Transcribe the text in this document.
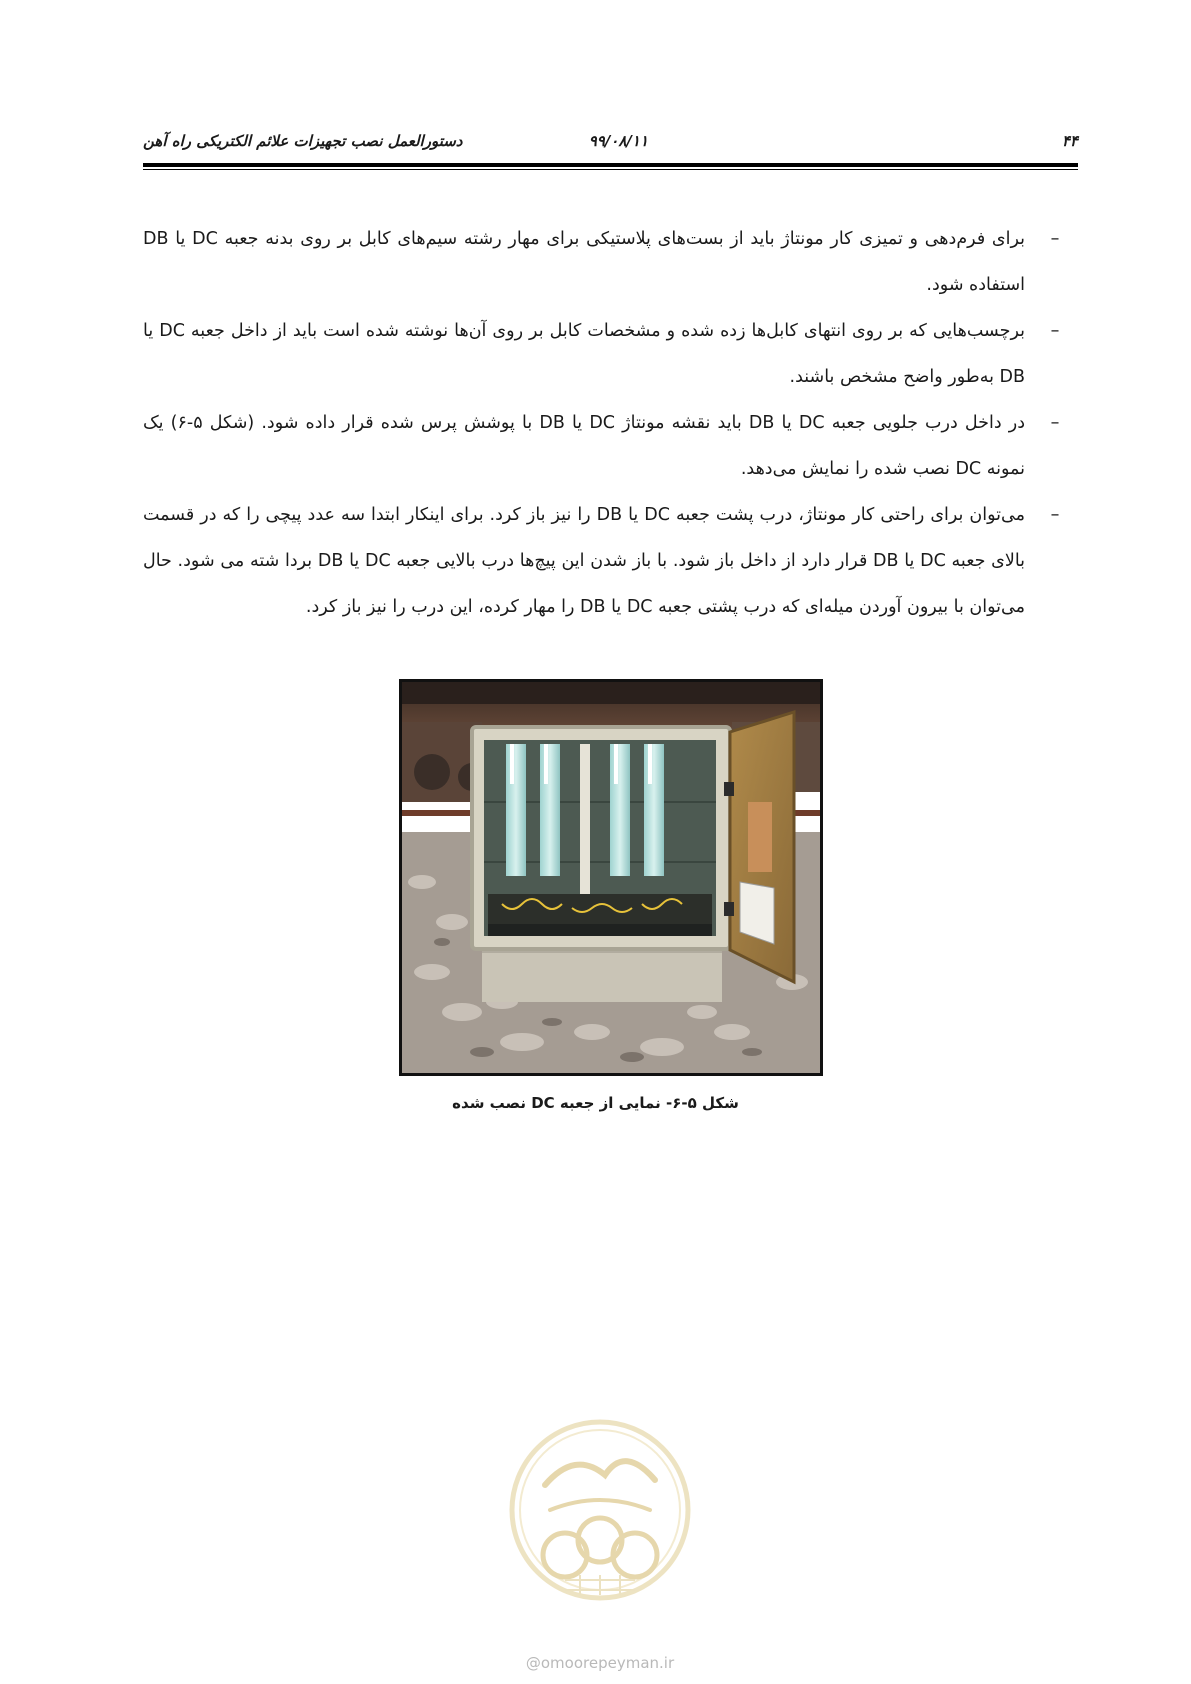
۴۴
۹۹/۰۸/۱۱
دستورالعمل نصب تجهیزات علائم الکتریکی راه آهن
–

برای فرم‌دهی و تمیزی کار مونتاژ باید از بست‌های پلاستیکی برای مهار رشته سیم‌های کابل بر روی بدنه جعبه DC یا DB استفاده شود.

–

برچسب‌هایی که بر روی انتهای کابل‌ها زده شده و مشخصات کابل بر روی آن‌ها نوشته شده است باید از داخل جعبه DC یا DB به‌طور واضح مشخص باشند.

–

در داخل درب جلویی جعبه DC یا DB باید نقشه مونتاژ DC یا DB با پوشش پرس شده قرار داده شود. (شکل ۵-۶) یک نمونه DC نصب شده را نمایش می‌دهد.

–

می‌توان برای راحتی کار مونتاژ، درب پشت جعبه DC یا DB را نیز باز کرد. برای اینکار ابتدا سه عدد پیچی را که در قسمت بالای جعبه DC یا DB قرار دارد از داخل باز شود. با باز شدن این پیچ‌ها درب بالایی جعبه DC یا DB بردا شته می شود. حال می‌توان با بیرون آوردن میله‌ای که درب پشتی جعبه DC یا DB را مهار کرده، این درب را نیز باز کرد.

شکل ۵-۶- نمایی از جعبه DC نصب شده
@omoorepeyman.ir
